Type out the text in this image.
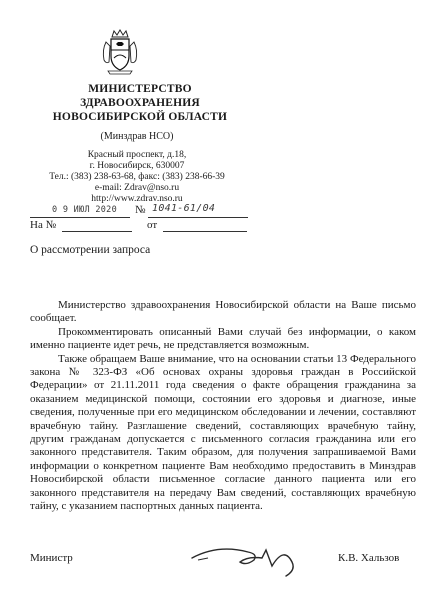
МИНИСТЕРСТВО
ЗДРАВООХРАНЕНИЯ
НОВОСИБИРСКОЙ ОБЛАСТИ
(Минздрав НСО)
Красный проспект, д.18,
г. Новосибирск, 630007
Тел.: (383) 238-63-68, факс: (383) 238-66-39
e-mail: Zdrav@nso.ru
http://www.zdrav.nso.ru
0 9 ИЮЛ 2020 № 1041-61/04
На №	от
О рассмотрении запроса

Министерство здравоохранения Новосибирской области на Ваше письмо сообщает.

Прокомментировать описанный Вами случай без информации, о каком именно пациенте идет речь, не представляется возможным.

Также обращаем Ваше внимание, что на основании статьи 13 Федерального закона № 323-ФЗ «Об основах охраны здоровья граждан в Российской Федерации» от 21.11.2011 года сведения о факте обращения гражданина за оказанием медицинской помощи, состоянии его здоровья и диагнозе, иные сведения, полученные при его медицинском обследовании и лечении, составляют врачебную тайну. Разглашение сведений, составляющих врачебную тайну, другим гражданам допускается с письменного согласия гражданина или его законного представителя. Таким образом, для получения запрашиваемой Вами информации о конкретном пациенте Вам необходимо предоставить в Минздрав Новосибирской области письменное согласие данного пациента или его законного представителя на передачу Вам сведений, составляющих врачебную тайну, с указанием паспортных данных пациента.

Министр	К.В. Хальзов
